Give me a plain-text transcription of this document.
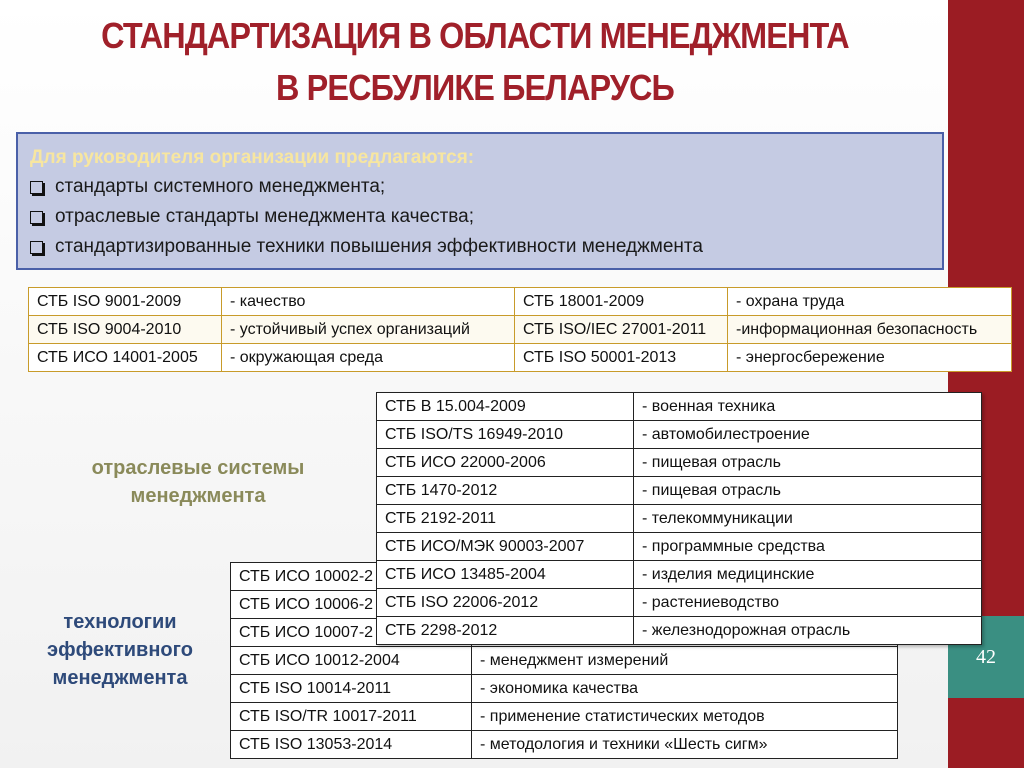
42
СТАНДАРТИЗАЦИЯ В ОБЛАСТИ МЕНЕДЖМЕНТА
В РЕСБУЛИКЕ БЕЛАРУСЬ
Для руководителя организации предлагаются:
стандарты системного менеджмента;
отраслевые стандарты менеджмента качества;
стандартизированные техники повышения эффективности менеджмента
СТБ ISO 9001-2009	- качество	СТБ 18001-2009	- охрана труда
СТБ ISO 9004-2010	- устойчивый успех организаций	СТБ ISO/IEC 27001-2011	-информационная безопасность
СТБ ИСО 14001-2005	- окружающая среда	СТБ ISO 50001-2013	- энергосбережение
отраслевые системы менеджмента
технологии эффективного менеджмента
СТБ ИСО 10002-2	
СТБ ИСО 10006-2	
СТБ ИСО 10007-2	
СТБ ИСО 10012-2004	- менеджмент измерений
СТБ ISO 10014-2011	- экономика качества
СТБ ISO/TR 10017-2011	- применение статистических методов
СТБ ISO 13053-2014	- методология и техники «Шесть сигм»
СТБ В 15.004-2009	- военная техника
СТБ ISO/TS 16949-2010	- автомобилестроение
СТБ ИСО 22000-2006	- пищевая отрасль
СТБ 1470-2012	- пищевая отрасль
СТБ 2192-2011	- телекоммуникации
СТБ ИСО/МЭК 90003-2007	- программные средства
СТБ ИСО 13485-2004	- изделия медицинские
СТБ ISO 22006-2012	- растениеводство
СТБ 2298-2012	- железнодорожная отрасль
